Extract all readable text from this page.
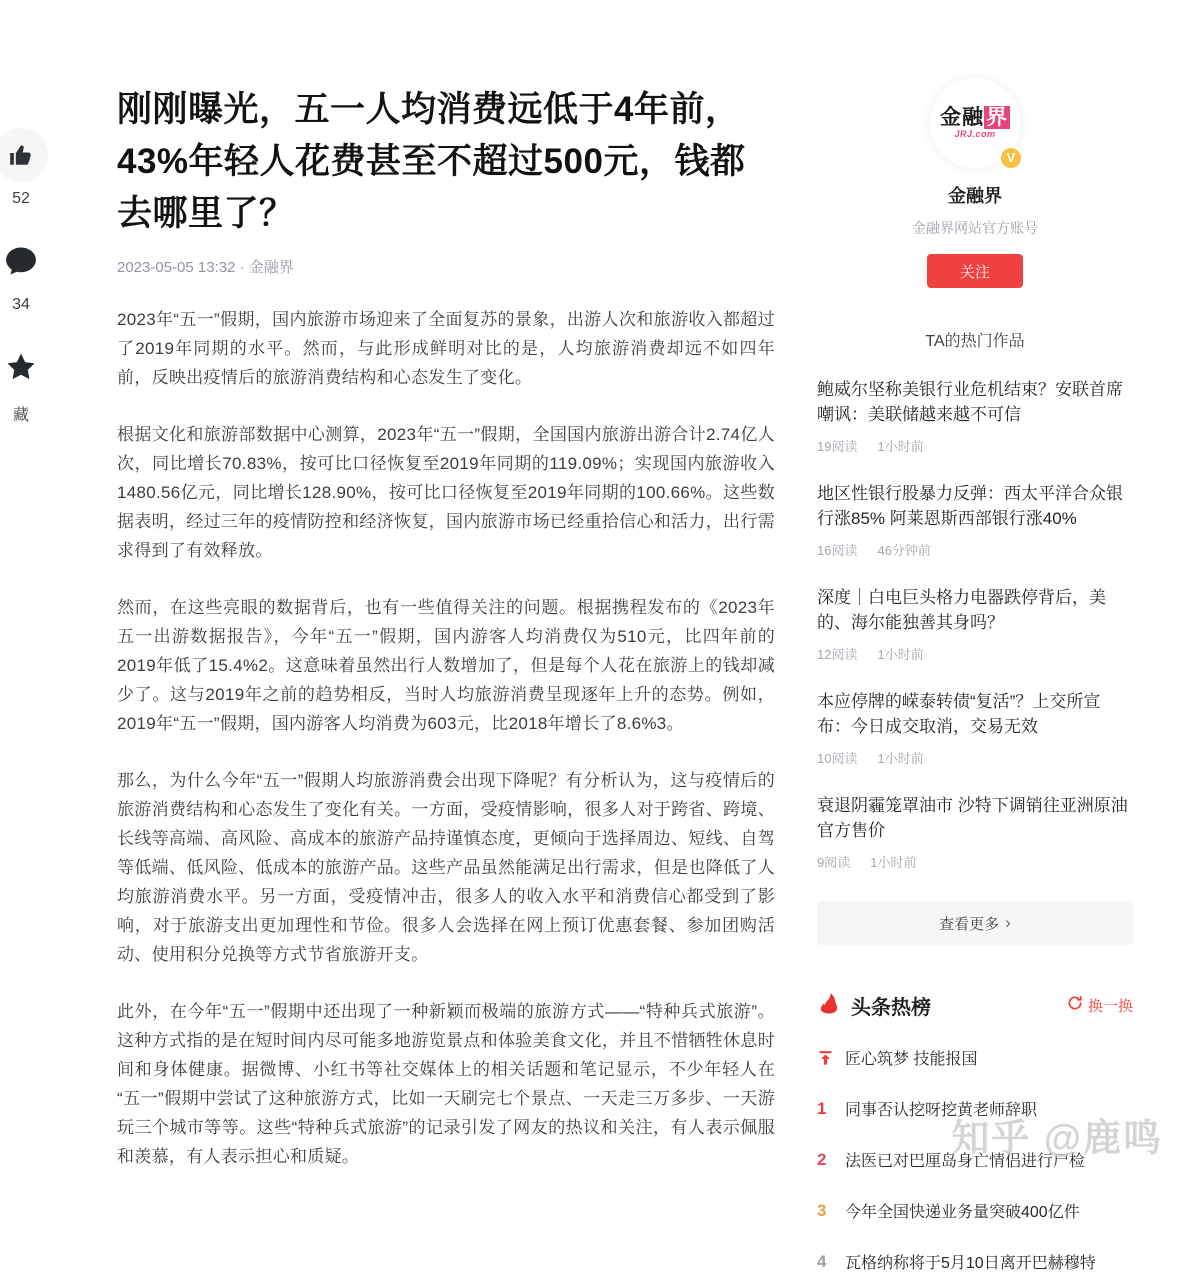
52
34
藏
刚刚曝光，五一人均消费远低于4年前，43%年轻人花费甚至不超过500元，钱都去哪里了？
2023-05-05 13:32 · 金融界

2023年“五一”假期，国内旅游市场迎来了全面复苏的景象，出游人次和旅游收入都超过了2019年同期的水平。然而，与此形成鲜明对比的是，人均旅游消费却远不如四年前，反映出疫情后的旅游消费结构和心态发生了变化。

根据文化和旅游部数据中心测算，2023年“五一”假期，全国国内旅游出游合计2.74亿人次，同比增长70.83%，按可比口径恢复至2019年同期的119.09%；实现国内旅游收入1480.56亿元，同比增长128.90%，按可比口径恢复至2019年同期的100.66%。这些数据表明，经过三年的疫情防控和经济恢复，国内旅游市场已经重拾信心和活力，出行需求得到了有效释放。

然而，在这些亮眼的数据背后，也有一些值得关注的问题。根据携程发布的《2023年五一出游数据报告》，今年“五一”假期，国内游客人均消费仅为510元，比四年前的2019年低了15.4%2。这意味着虽然出行人数增加了，但是每个人花在旅游上的钱却减少了。这与2019年之前的趋势相反，当时人均旅游消费呈现逐年上升的态势。例如，2019年“五一”假期，国内游客人均消费为603元，比2018年增长了8.6%3。

那么，为什么今年“五一”假期人均旅游消费会出现下降呢？有分析认为，这与疫情后的旅游消费结构和心态发生了变化有关。一方面，受疫情影响，很多人对于跨省、跨境、长线等高端、高风险、高成本的旅游产品持谨慎态度，更倾向于选择周边、短线、自驾等低端、低风险、低成本的旅游产品。这些产品虽然能满足出行需求，但是也降低了人均旅游消费水平。另一方面，受疫情冲击，很多人的收入水平和消费信心都受到了影响，对于旅游支出更加理性和节俭。很多人会选择在网上预订优惠套餐、参加团购活动、使用积分兑换等方式节省旅游开支。

此外，在今年“五一”假期中还出现了一种新颖而极端的旅游方式——“特种兵式旅游”。这种方式指的是在短时间内尽可能多地游览景点和体验美食文化，并且不惜牺牲休息时间和身体健康。据微博、小红书等社交媒体上的相关话题和笔记显示，不少年轻人在“五一”假期中尝试了这种旅游方式，比如一天刷完七个景点、一天走三万多步、一天游玩三个城市等等。这些“特种兵式旅游”的记录引发了网友的热议和关注，有人表示佩服和羡慕，有人表示担心和质疑。

金融界
JRJ.com
V
金融界
金融界网站官方账号
关注
TA的热门作品
鲍威尔坚称美银行业危机结束？安联首席嘲讽：美联储越来越不可信
19阅读 1小时前
地区性银行股暴力反弹：西太平洋合众银行涨85% 阿莱恩斯西部银行涨40%
16阅读 46分钟前
深度｜白电巨头格力电器跌停背后，美的、海尔能独善其身吗？
12阅读 1小时前
本应停牌的嵘泰转债“复活”？上交所宣布：今日成交取消，交易无效
10阅读 1小时前
衰退阴霾笼罩油市 沙特下调销往亚洲原油官方售价
9阅读 1小时前
查看更多 ›
头条热榜	换一换
匠心筑梦 技能报国
1	同事否认挖呀挖黄老师辞职
2	法医已对巴厘岛身亡情侣进行尸检
3	今年全国快递业务量突破400亿件
4	瓦格纳称将于5月10日离开巴赫穆特
知乎 @鹿鸣
